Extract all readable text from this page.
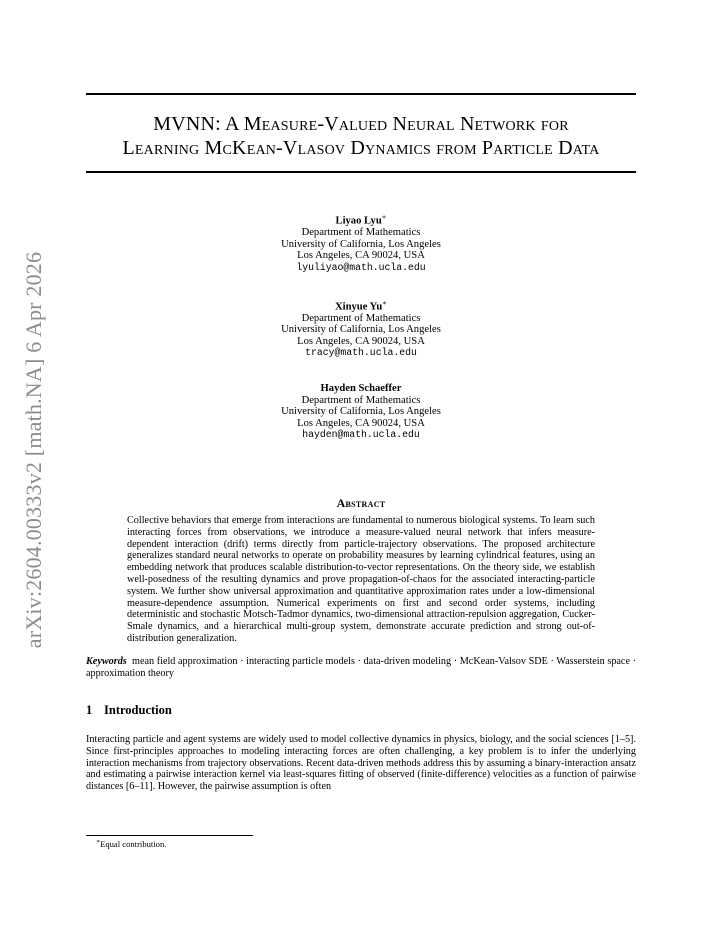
arXiv:2604.00333v2 [math.NA] 6 Apr 2026
MVNN: A Measure-Valued Neural Network for
Learning McKean-Vlasov Dynamics from Particle Data
Liyao Lyu∗
Department of Mathematics
University of California, Los Angeles
Los Angeles, CA 90024, USA
lyuliyao@math.ucla.edu
Xinyue Yu∗
Department of Mathematics
University of California, Los Angeles
Los Angeles, CA 90024, USA
tracy@math.ucla.edu
Hayden Schaeffer
Department of Mathematics
University of California, Los Angeles
Los Angeles, CA 90024, USA
hayden@math.ucla.edu
Abstract
Collective behaviors that emerge from interactions are fundamental to numerous biological systems. To learn such interacting forces from observations, we introduce a measure-valued neural network that infers measure-dependent interaction (drift) terms directly from particle-trajectory observations. The proposed architecture generalizes standard neural networks to operate on probability measures by learning cylindrical features, using an embedding network that produces scalable distribution-to-vector representations. On the theory side, we establish well-posedness of the resulting dynamics and prove propagation-of-chaos for the associated interacting-particle system. We further show universal approximation and quantitative approximation rates under a low-dimensional measure-dependence assumption. Numerical experiments on first and second order systems, including deterministic and stochastic Motsch-Tadmor dynamics, two-dimensional attraction-repulsion aggregation, Cucker-Smale dynamics, and a hierarchical multi-group system, demonstrate accurate prediction and strong out-of-distribution generalization.
Keywords mean field approximation · interacting particle models · data-driven modeling · McKean-Valsov SDE · Wasserstein space · approximation theory
1 Introduction
Interacting particle and agent systems are widely used to model collective dynamics in physics, biology, and the social sciences [1–5]. Since first-principles approaches to modeling interacting forces are often challenging, a key problem is to infer the underlying interaction mechanisms from trajectory observations. Recent data-driven methods address this by assuming a binary-interaction ansatz and estimating a pairwise interaction kernel via least-squares fitting of observed (finite-difference) velocities as a function of pairwise distances [6–11]. However, the pairwise assumption is often
∗Equal contribution.
